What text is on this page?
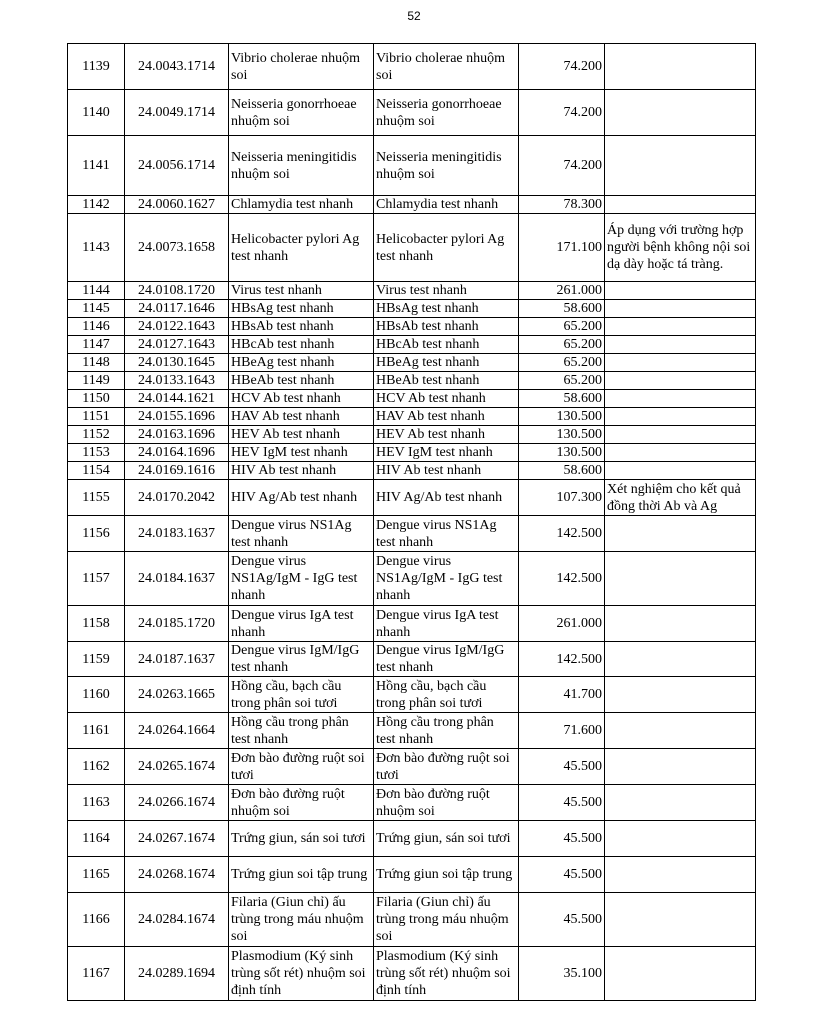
52
1139	24.0043.1714	Vibrio cholerae nhuộm soi	Vibrio cholerae nhuộm soi	74.200	
1140	24.0049.1714	Neisseria gonorrhoeae nhuộm soi	Neisseria gonorrhoeae nhuộm soi	74.200	
1141	24.0056.1714	Neisseria meningitidis nhuộm soi	Neisseria meningitidis nhuộm soi	74.200	
1142	24.0060.1627	Chlamydia test nhanh	Chlamydia test nhanh	78.300	
1143	24.0073.1658	Helicobacter pylori Ag test nhanh	Helicobacter pylori Ag test nhanh	171.100	Áp dụng với trường hợp người bệnh không nội soi dạ dày hoặc tá tràng.
1144	24.0108.1720	Virus test nhanh	Virus test nhanh	261.000	
1145	24.0117.1646	HBsAg test nhanh	HBsAg test nhanh	58.600	
1146	24.0122.1643	HBsAb test nhanh	HBsAb test nhanh	65.200	
1147	24.0127.1643	HBcAb test nhanh	HBcAb test nhanh	65.200	
1148	24.0130.1645	HBeAg test nhanh	HBeAg test nhanh	65.200	
1149	24.0133.1643	HBeAb test nhanh	HBeAb test nhanh	65.200	
1150	24.0144.1621	HCV Ab test nhanh	HCV Ab test nhanh	58.600	
1151	24.0155.1696	HAV Ab test nhanh	HAV Ab test nhanh	130.500	
1152	24.0163.1696	HEV Ab test nhanh	HEV Ab test nhanh	130.500	
1153	24.0164.1696	HEV IgM test nhanh	HEV IgM test nhanh	130.500	
1154	24.0169.1616	HIV Ab test nhanh	HIV Ab test nhanh	58.600	
1155	24.0170.2042	HIV Ag/Ab test nhanh	HIV Ag/Ab test nhanh	107.300	Xét nghiệm cho kết quả đồng thời Ab và Ag
1156	24.0183.1637	Dengue virus NS1Ag test nhanh	Dengue virus NS1Ag test nhanh	142.500	
1157	24.0184.1637	Dengue virus NS1Ag/IgM - IgG test nhanh	Dengue virus NS1Ag/IgM - IgG test nhanh	142.500	
1158	24.0185.1720	Dengue virus IgA test nhanh	Dengue virus IgA test nhanh	261.000	
1159	24.0187.1637	Dengue virus IgM/IgG test nhanh	Dengue virus IgM/IgG test nhanh	142.500	
1160	24.0263.1665	Hồng cầu, bạch cầu trong phân soi tươi	Hồng cầu, bạch cầu trong phân soi tươi	41.700	
1161	24.0264.1664	Hồng cầu trong phân test nhanh	Hồng cầu trong phân test nhanh	71.600	
1162	24.0265.1674	Đơn bào đường ruột soi tươi	Đơn bào đường ruột soi tươi	45.500	
1163	24.0266.1674	Đơn bào đường ruột nhuộm soi	Đơn bào đường ruột nhuộm soi	45.500	
1164	24.0267.1674	Trứng giun, sán soi tươi	Trứng giun, sán soi tươi	45.500	
1165	24.0268.1674	Trứng giun soi tập trung	Trứng giun soi tập trung	45.500	
1166	24.0284.1674	Filaria (Giun chỉ) ấu trùng trong máu nhuộm soi	Filaria (Giun chỉ) ấu trùng trong máu nhuộm soi	45.500	
1167	24.0289.1694	Plasmodium (Ký sinh trùng sốt rét) nhuộm soi định tính	Plasmodium (Ký sinh trùng sốt rét) nhuộm soi định tính	35.100	
